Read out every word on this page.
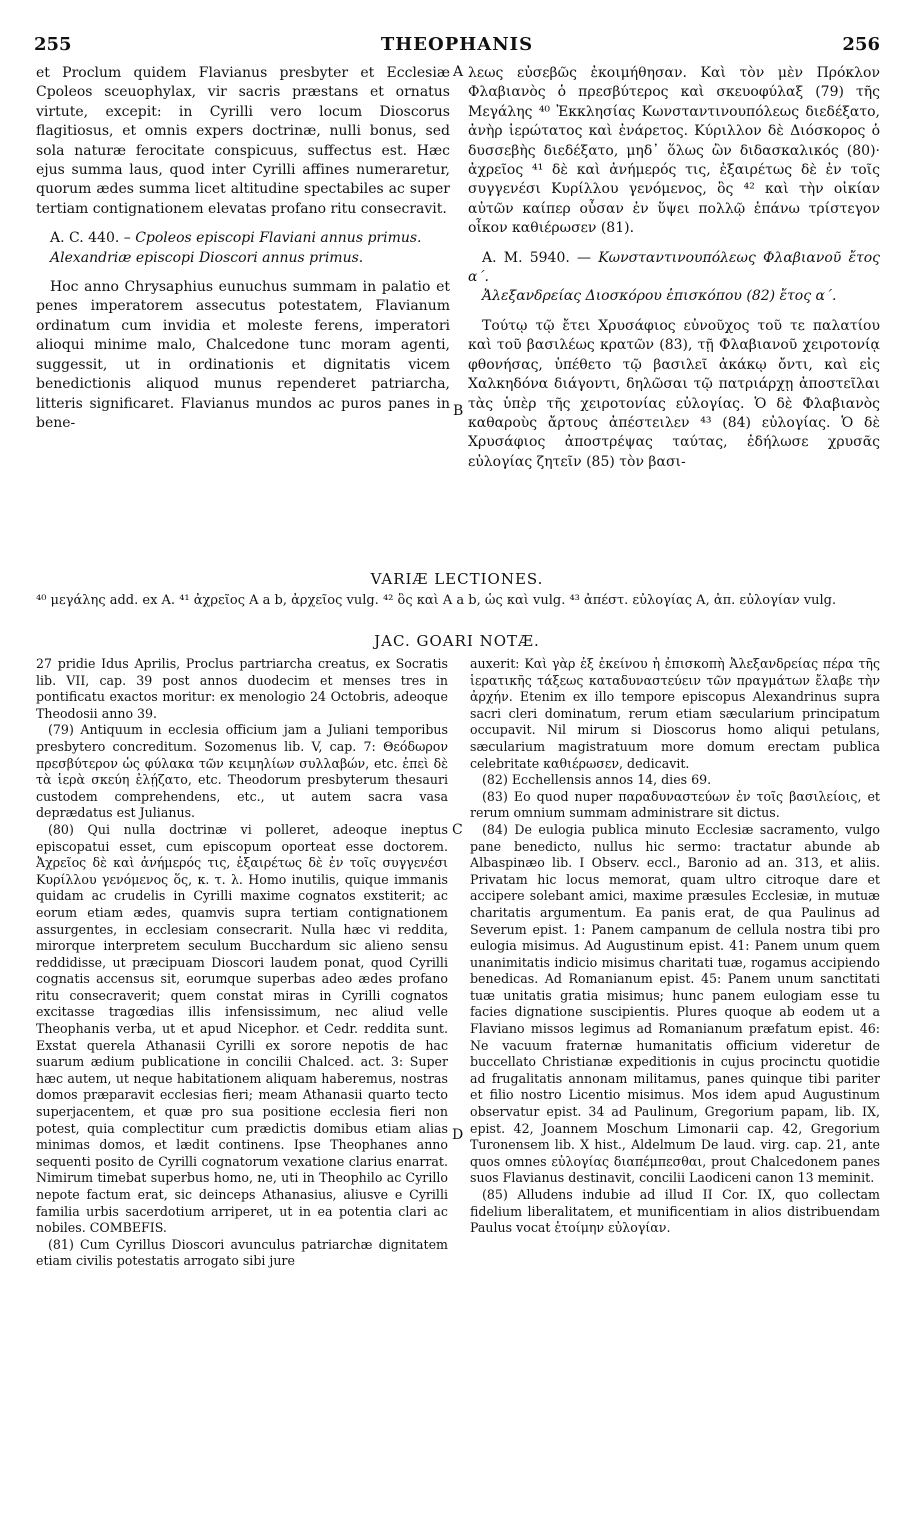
255	THEOPHANIS	256
A
B
C
D

et Proclum quidem Flavianus presbyter et Ecclesiæ Cpoleos sceuophylax, vir sacris præstans et ornatus virtute, excepit: in Cyrilli vero locum Dioscorus flagitiosus, et omnis expers doctrinæ, nulli bonus, sed sola naturæ ferocitate conspicuus, suffectus est. Hæc ejus summa laus, quod inter Cyrilli affines numeraretur, quorum ædes summa licet altitudine spectabiles ac super tertiam contignationem elevatas profano ritu consecravit.

A. C. 440. – Cpoleos episcopi Flaviani annus primus.

Alexandriæ episcopi Dioscori annus primus.

Hoc anno Chrysaphius eunuchus summam in palatio et penes imperatorem assecutus potestatem, Flavianum ordinatum cum invidia et moleste ferens, imperatori alioqui minime malo, Chalcedone tunc moram agenti, suggessit, ut in ordinationis et dignitatis vicem benedictionis aliquod munus rependeret patriarcha, litteris significaret. Flavianus mundos ac puros panes in bene-

λεως εὐσεβῶς ἐκοιμήθησαν. Καὶ τὸν μὲν Πρόκλον Φλαβιανὸς ὁ πρεσβύτερος καὶ σκευοφύλαξ (79) τῆς Μεγάλης ⁴⁰ Ἐκκλησίας Κωνσταντινουπόλεως διεδέξατο, ἀνὴρ ἱερώτατος καὶ ἐνάρετος. Κύριλλον δὲ Διόσκορος ὁ δυσσεβὴς διεδέξατο, μηδ᾽ ὅλως ὢν διδασκαλικός (80)· ἀχρεῖος ⁴¹ δὲ καὶ ἀνήμερός τις, ἐξαιρέτως δὲ ἐν τοῖς συγγενέσι Κυρίλλου γενόμενος, ὃς ⁴² καὶ τὴν οἰκίαν αὐτῶν καίπερ οὖσαν ἐν ὕψει πολλῷ ἐπάνω τρίστεγον οἶκον καθιέρωσεν (81).

A. M. 5940. — Κωνσταντινουπόλεως Φλαβιανοῦ ἔτος α΄.

Ἀλεξανδρείας Διοσκόρου ἐπισκόπου (82) ἔτος α΄.

Τούτῳ τῷ ἔτει Χρυσάφιος εὐνοῦχος τοῦ τε παλατίου καὶ τοῦ βασιλέως κρατῶν (83), τῇ Φλαβιανοῦ χειροτονίᾳ φθονήσας, ὑπέθετο τῷ βασιλεῖ ἀκάκῳ ὄντι, καὶ εἰς Χαλκηδόνα διάγοντι, δηλῶσαι τῷ πατριάρχῃ ἀποστεῖλαι τὰς ὑπὲρ τῆς χειροτονίας εὐλογίας. Ὁ δὲ Φλαβιανὸς καθαροὺς ἄρτους ἀπέστειλεν ⁴³ (84) εὐλογίας. Ὁ δὲ Χρυσάφιος ἀποστρέψας ταύτας, ἐδήλωσε χρυσᾶς εὐλογίας ζητεῖν (85) τὸν βασι-

VARIÆ LECTIONES.
⁴⁰ μεγάλης add. ex A. ⁴¹ ἀχρεῖος A a b, ἀρχεῖος vulg. ⁴² ὃς καὶ A a b, ὡς καὶ vulg. ⁴³ ἀπέστ. εὐλογίας A, ἀπ. εὐλογίαν vulg.
JAC. GOARI NOTÆ.

27 pridie Idus Aprilis, Proclus partriarcha creatus, ex Socratis lib. VII, cap. 39 post annos duodecim et menses tres in pontificatu exactos moritur: ex menologio 24 Octobris, adeoque Theodosii anno 39.

(79) Antiquum in ecclesia officium jam a Juliani temporibus presbytero concreditum. Sozomenus lib. V, cap. 7: Θεόδωρον πρεσβύτερον ὡς φύλακα τῶν κειμηλίων συλλαβών, etc. ἐπεὶ δὲ τὰ ἱερὰ σκεύη ἐλῄζατο, etc. Theodorum presbyterum thesauri custodem comprehendens, etc., ut autem sacra vasa deprædatus est Julianus.

(80) Qui nulla doctrinæ vi polleret, adeoque ineptus episcopatui esset, cum episcopum oporteat esse doctorem. Ἀχρεῖος δὲ καὶ ἀνήμερός τις, ἐξαιρέτως δὲ ἐν τοῖς συγγενέσι Κυρίλλου γενόμενος ὅς, κ. τ. λ. Homo inutilis, quique immanis quidam ac crudelis in Cyrilli maxime cognatos exstiterit; ac eorum etiam ædes, quamvis supra tertiam contignationem assurgentes, in ecclesiam consecrarit. Nulla hæc vi reddita, mirorque interpretem seculum Bucchardum sic alieno sensu reddidisse, ut præcipuam Dioscori laudem ponat, quod Cyrilli cognatis accensus sit, eorumque superbas adeo ædes profano ritu consecraverit; quem constat miras in Cyrilli cognatos excitasse tragœdias illis infensissimum, nec aliud velle Theophanis verba, ut et apud Nicephor. et Cedr. reddita sunt. Exstat querela Athanasii Cyrilli ex sorore nepotis de hac suarum ædium publicatione in concilii Chalced. act. 3: Super hæc autem, ut neque habitationem aliquam haberemus, nostras domos præparavit ecclesias fieri; meam Athanasii quarto tecto superjacentem, et quæ pro sua positione ecclesia fieri non potest, quia complectitur cum prædictis domibus etiam alias minimas domos, et lædit continens. Ipse Theophanes anno sequenti posito de Cyrilli cognatorum vexatione clarius enarrat. Nimirum timebat superbus homo, ne, uti in Theophilo ac Cyrillo nepote factum erat, sic deinceps Athanasius, aliusve e Cyrilli familia urbis sacerdotium arriperet, ut in ea potentia clari ac nobiles. COMBEFIS.

(81) Cum Cyrillus Dioscori avunculus patriarchæ dignitatem etiam civilis potestatis arrogato sibi jure

auxerit: Καὶ γὰρ ἐξ ἐκείνου ἡ ἐπισκοπὴ Ἀλεξανδρείας πέρα τῆς ἱερατικῆς τάξεως καταδυναστεύειν τῶν πραγμάτων ἔλαβε τὴν ἀρχήν. Etenim ex illo tempore episcopus Alexandrinus supra sacri cleri dominatum, rerum etiam sæcularium principatum occupavit. Nil mirum si Dioscorus homo aliqui petulans, sæcularium magistratuum more domum erectam publica celebritate καθιέρωσεν, dedicavit.

(82) Ecchellensis annos 14, dies 69.

(83) Eo quod nuper παραδυναστεύων ἐν τοῖς βασιλείοις, et rerum omnium summam administrare sit dictus.

(84) De eulogia publica minuto Ecclesiæ sacramento, vulgo pane benedicto, nullus hic sermo: tractatur abunde ab Albaspinæo lib. I Observ. eccl., Baronio ad an. 313, et aliis. Privatam hic locus memorat, quam ultro citroque dare et accipere solebant amici, maxime præsules Ecclesiæ, in mutuæ charitatis argumentum. Ea panis erat, de qua Paulinus ad Severum epist. 1: Panem campanum de cellula nostra tibi pro eulogia misimus. Ad Augustinum epist. 41: Panem unum quem unanimitatis indicio misimus charitati tuæ, rogamus accipiendo benedicas. Ad Romanianum epist. 45: Panem unum sanctitati tuæ unitatis gratia misimus; hunc panem eulogiam esse tu facies dignatione suscipientis. Plures quoque ab eodem ut a Flaviano missos legimus ad Romanianum præfatum epist. 46: Ne vacuum fraternæ humanitatis officium videretur de buccellato Christianæ expeditionis in cujus procinctu quotidie ad frugalitatis annonam militamus, panes quinque tibi pariter et filio nostro Licentio misimus. Mos idem apud Augustinum observatur epist. 34 ad Paulinum, Gregorium papam, lib. IX, epist. 42, Joannem Moschum Limonarii cap. 42, Gregorium Turonensem lib. X hist., Aldelmum De laud. virg. cap. 21, ante quos omnes εὐλογίας διαπέμπεσθαι, prout Chalcedonem panes suos Flavianus destinavit, concilii Laodiceni canon 13 meminit.

(85) Alludens indubie ad illud II Cor. IX, quo collectam fidelium liberalitatem, et munificentiam in alios distribuendam Paulus vocat ἑτοίμην εὐλογίαν.
